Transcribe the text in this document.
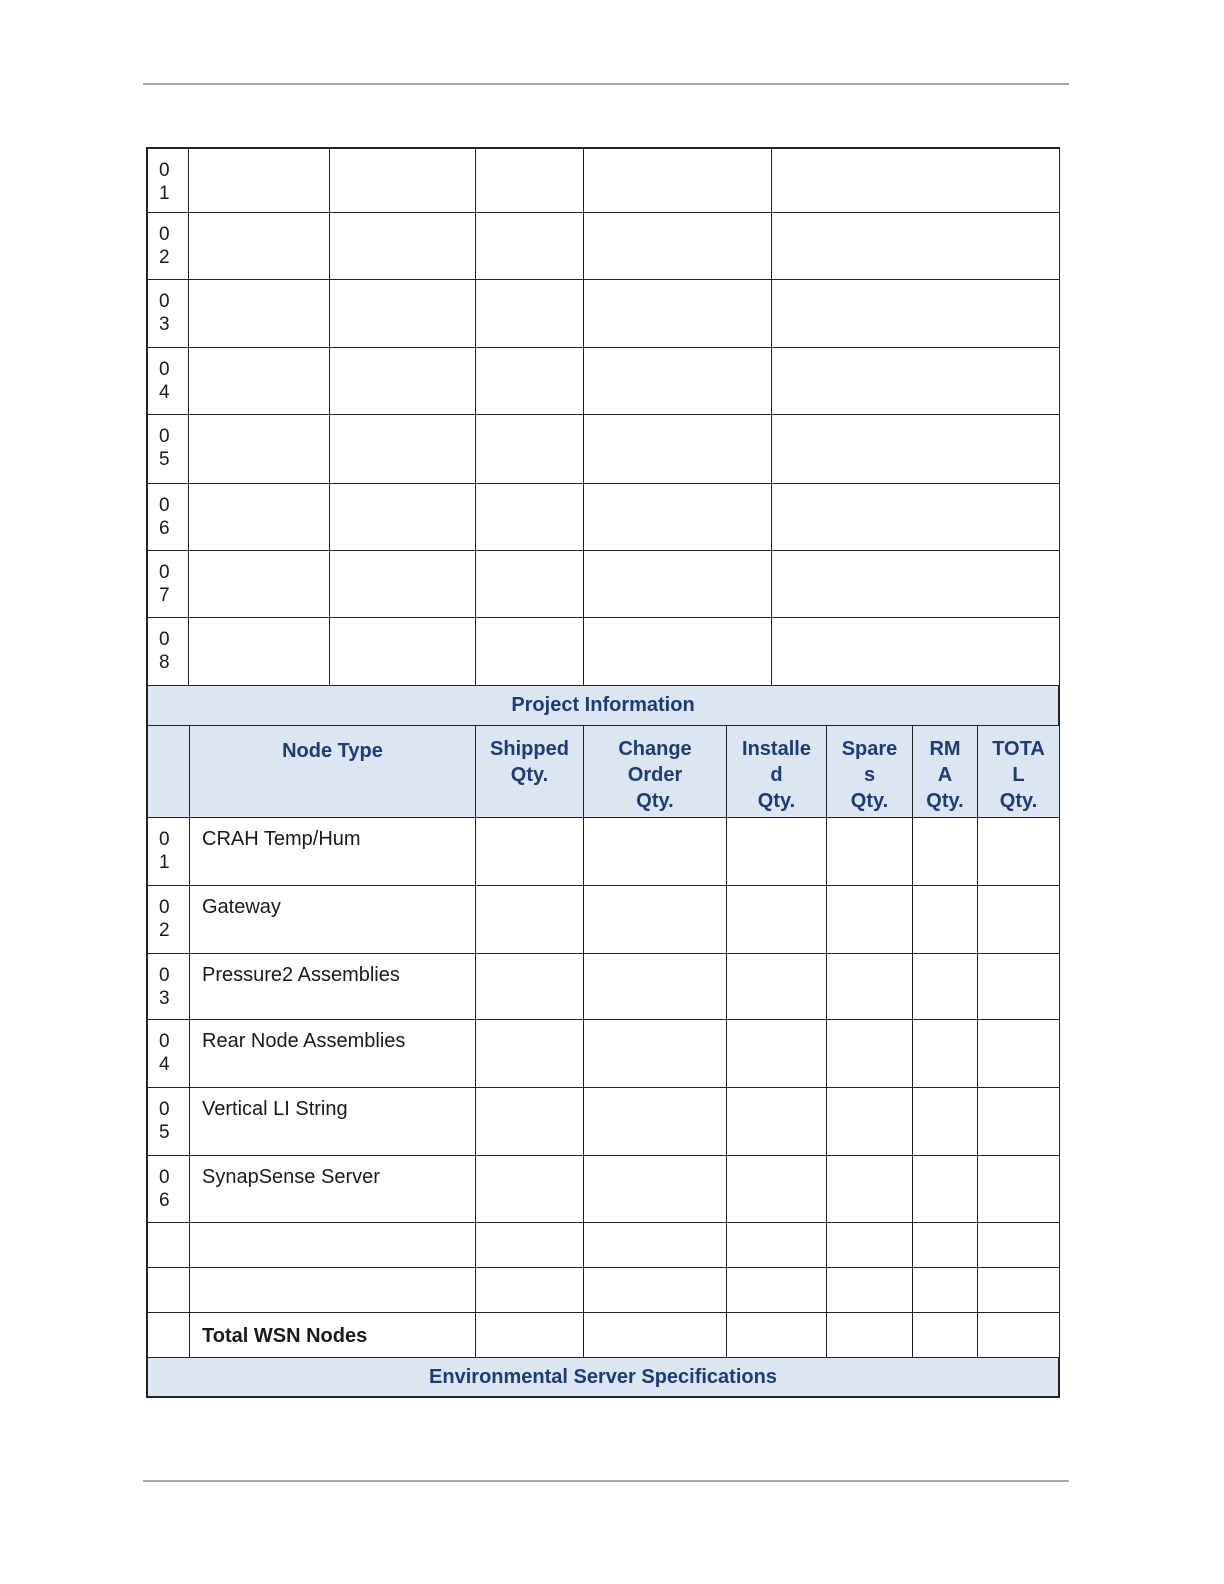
0
1
0
2
0
3
0
4
0
5
0
6
0
7
0
8
Project Information
Node Type	Shipped
Qty.
Change
Order
Qty.
Installe
d
Qty.
Spare
s
Qty.
RM
A
Qty.
TOTA
L
Qty.
0
1
CRAH Temp/Hum
0
2
Gateway
0
3
Pressure2 Assemblies
0
4
Rear Node Assemblies
0
5
Vertical LI String
0
6
SynapSense Server
Total WSN Nodes
Environmental Server Specifications
